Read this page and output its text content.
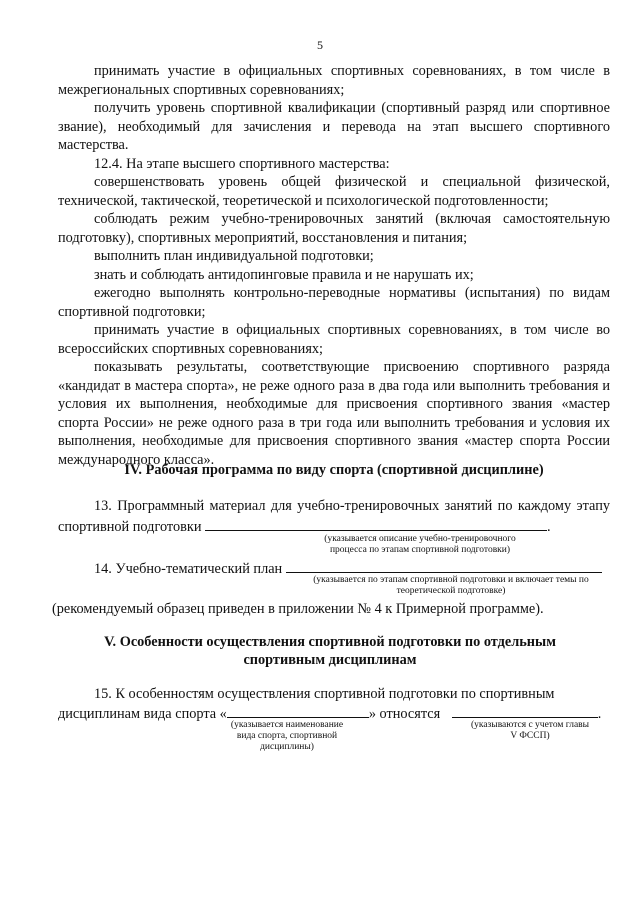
5

принимать участие в официальных спортивных соревнованиях, в том числе в межрегиональных спортивных соревнованиях;

получить уровень спортивной квалификации (спортивный разряд или спортивное звание), необходимый для зачисления и перевода на этап высшего спортивного мастерства.

12.4. На этапе высшего спортивного мастерства:

совершенствовать уровень общей физической и специальной физической, технической, тактической, теоретической и психологической подготовленности;

соблюдать режим учебно-тренировочных занятий (включая самостоятельную подготовку), спортивных мероприятий, восстановления и питания;

выполнить план индивидуальной подготовки;

знать и соблюдать антидопинговые правила и не нарушать их;

ежегодно выполнять контрольно-переводные нормативы (испытания) по видам спортивной подготовки;

принимать участие в официальных спортивных соревнованиях, в том числе во всероссийских спортивных соревнованиях;

показывать результаты, соответствующие присвоению спортивного разряда «кандидат в мастера спорта», не реже одного раза в два года или выполнить требования и условия их выполнения, необходимые для присвоения спортивного звания «мастер спорта России» не реже одного раза в три года или выполнить требования и условия их выполнения, необходимые для присвоения спортивного звания «мастер спорта России международного класса».

IV. Рабочая программа по виду спорта (спортивной дисциплине)

13. Программный материал для учебно-тренировочных занятий по каждому этапу спортивной подготовки	.

(указывается описание учебно-тренировочного процесса по этапам спортивной подготовки)

14. Учебно-тематический план

(указывается по этапам спортивной подготовки и включает темы по теоретической подготовке)
(рекомендуемый образец приведен в приложении № 4 к Примерной программе).
V. Особенности осуществления спортивной подготовки по отдельным
спортивным дисциплинам

15. К особенностям осуществления спортивной подготовки по спортивным

дисциплинам вида спорта «	» относятся	.
(указывается наименование вида спорта, спортивной дисциплины)
(указываются с учетом главы V ФССП)
